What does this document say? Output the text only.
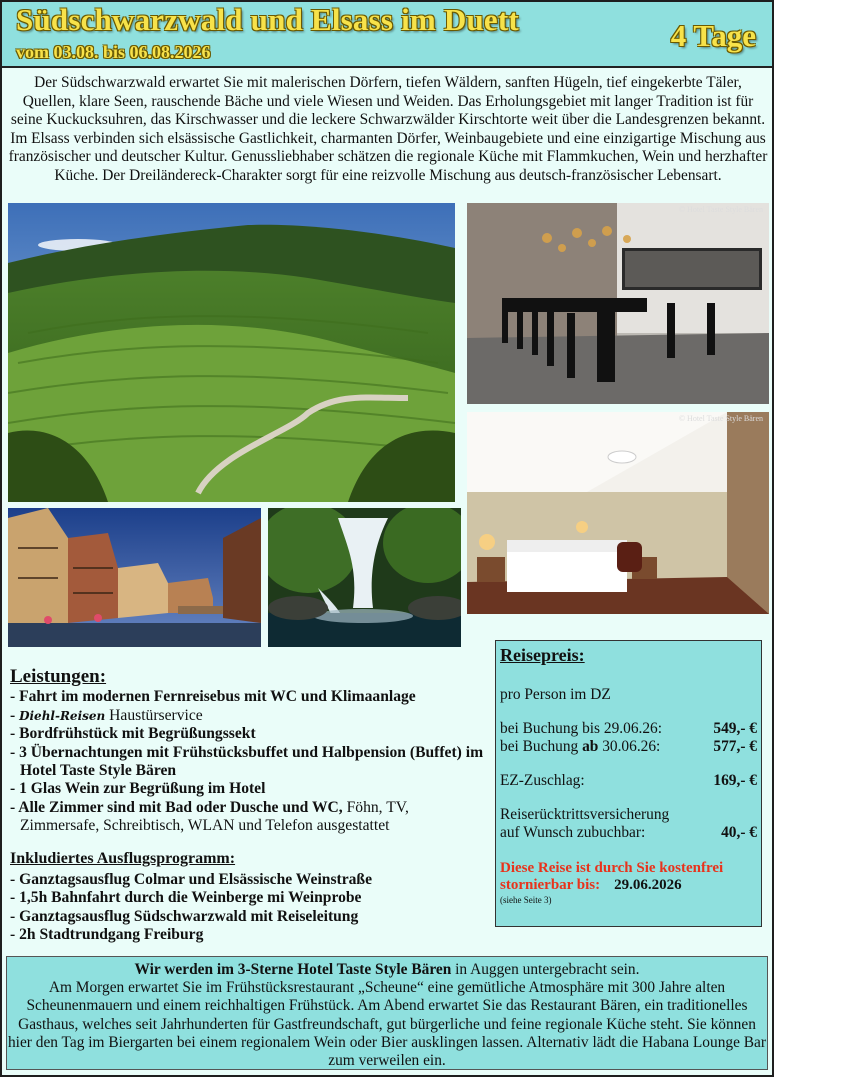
Südschwarzwald und Elsass im Duett
vom 03.08. bis 06.08.2026	4 Tage

Der Südschwarzwald erwartet Sie mit malerischen Dörfern, tiefen Wäldern, sanften Hügeln, tief eingekerbte Täler, Quellen, klare Seen, rauschende Bäche und viele Wiesen und Weiden. Das Erholungsgebiet mit langer Tradition ist für seine Kuckucksuhren, das Kirschwasser und die leckere Schwarzwälder Kirschtorte weit über die Landesgrenzen bekannt. Im Elsass verbinden sich elsässische Gastlichkeit, charmanten Dörfer, Weinbaugebiete und eine einzigartige Mischung aus französischer und deutscher Kultur. Genussliebhaber schätzen die regionale Küche mit Flammkuchen, Wein und herzhafter Küche. Der Dreiländereck-Charakter sorgt für eine reizvolle Mischung aus deutsch-französischer Lebensart.

© Hotel Taste Style Bären
© Hotel Taste Style Bären
Leistungen:
- Fahrt im modernen Fernreisebus mit WC und Klimaanlage
- Diehl-Reisen Haustürservice
- Bordfrühstück mit Begrüßungssekt
- 3 Übernachtungen mit Frühstücksbuffet und Halbpension (Buffet) im
Hotel Taste Style Bären
- 1 Glas Wein zur Begrüßung im Hotel
- Alle Zimmer sind mit Bad oder Dusche und WC, Föhn, TV,
Zimmersafe, Schreibtisch, WLAN und Telefon ausgestattet
Inkludiertes Ausflugsprogramm:
- Ganztagsausflug Colmar und Elsässische Weinstraße
- 1,5h Bahnfahrt durch die Weinberge mi Weinprobe
- Ganztagsausflug Südschwarzwald mit Reiseleitung
- 2h Stadtrundgang Freiburg
Reisepreis:
pro Person im DZ
bei Buchung bis 29.06.26:	549,- €
bei Buchung ab 30.06.26:	577,- €
EZ-Zuschlag:	169,- €
Reiserücktrittsversicherung
auf Wunsch zubuchbar:	40,- €
Diese Reise ist durch Sie kostenfrei
stornierbar bis: 29.06.2026
(siehe Seite 3)
Wir werden im 3-Sterne Hotel Taste Style Bären in Auggen untergebracht sein.
Am Morgen erwartet Sie im Frühstücksrestaurant „Scheune“ eine gemütliche Atmosphäre mit 300 Jahre alten Scheunenmauern und einem reichhaltigen Frühstück. Am Abend erwartet Sie das Restaurant Bären, ein traditionelles Gasthaus, welches seit Jahrhunderten für Gastfreundschaft, gut bürgerliche und feine regionale Küche steht. Sie können hier den Tag im Biergarten bei einem regionalem Wein oder Bier ausklingen lassen. Alternativ lädt die Habana Lounge Bar zum verweilen ein.
